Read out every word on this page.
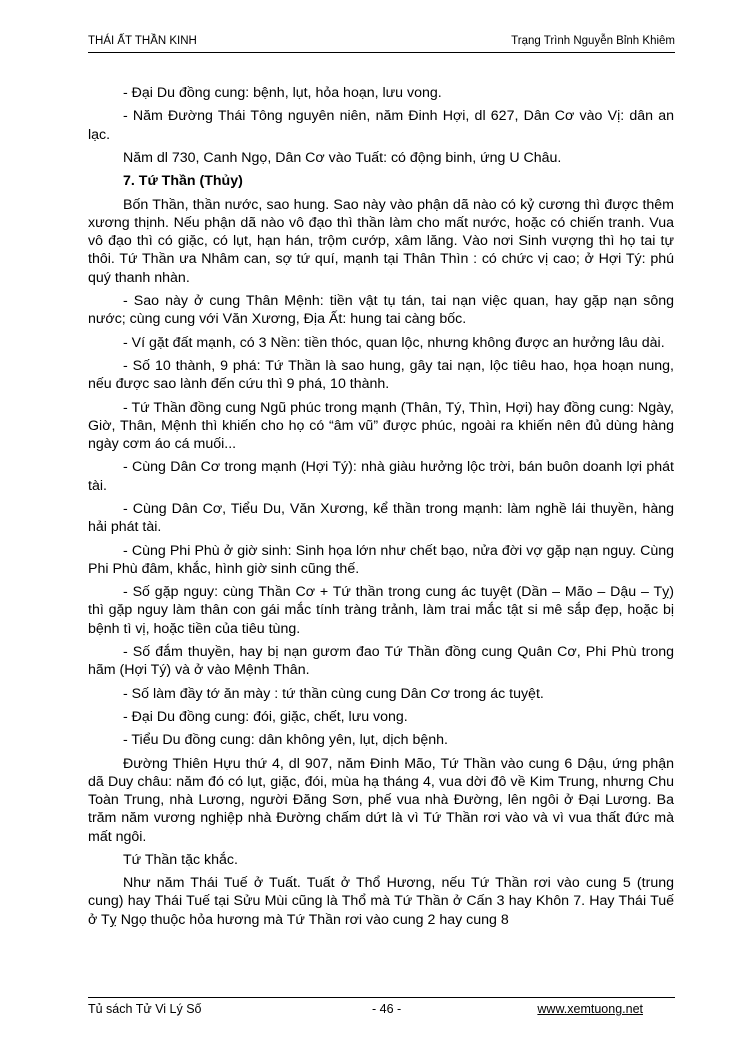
THÁI ẤT THẦN KINH	Trạng Trình Nguyễn Bỉnh Khiêm

- Đại Du đồng cung: bệnh, lụt, hỏa hoạn, lưu vong.

- Năm Đường Thái Tông nguyên niên, năm Đinh Hợi, dl 627, Dân Cơ vào Vị: dân an lạc.

Năm dl 730, Canh Ngọ, Dân Cơ vào Tuất: có động binh, ứng U Châu.

7. Tứ Thần (Thủy)

Bốn Thần, thần nước, sao hung. Sao này vào phận dã nào có kỷ cương thì được thêm xương thịnh. Nếu phận dã nào vô đạo thì thần làm cho mất nước, hoặc có chiến tranh. Vua vô đạo thì có giặc, có lụt, hạn hán, trộm cướp, xâm lăng. Vào nơi Sinh vượng thì họ tai tự thôi. Tứ Thần ưa Nhâm can, sợ tứ quí, mạnh tại Thân Thìn : có chức vị cao; ở Hợi Tý: phú quý thanh nhàn.

- Sao này ở cung Thân Mệnh: tiền vật tụ tán, tai nạn việc quan, hay gặp nạn sông nước; cùng cung với Văn Xương, Địa Ất: hung tai càng bốc.

- Ví gặt đất mạnh, có 3 Nền: tiền thóc, quan lộc, nhưng không được an hưởng lâu dài.

- Số 10 thành, 9 phá: Tứ Thần là sao hung, gây tai nạn, lộc tiêu hao, họa hoạn nung, nếu được sao lành đến cứu thì 9 phá, 10 thành.

- Tứ Thần đồng cung Ngũ phúc trong mạnh (Thân, Tý, Thìn, Hợi) hay đồng cung: Ngày, Giờ, Thân, Mệnh thì khiến cho họ có “âm vũ” được phúc, ngoài ra khiến nên đủ dùng hàng ngày cơm áo cá muối...

- Cùng Dân Cơ trong mạnh (Hợi Tý): nhà giàu hưởng lộc trời, bán buôn doanh lợi phát tài.

- Cùng Dân Cơ, Tiểu Du, Văn Xương, kể thần trong mạnh: làm nghề lái thuyền, hàng hải phát tài.

- Cùng Phi Phù ở giờ sinh: Sinh họa lớn như chết bạo, nửa đời vợ gặp nạn nguy. Cùng Phi Phù đâm, khắc, hình giờ sinh cũng thế.

- Số gặp nguy: cùng Thần Cơ + Tứ thần trong cung ác tuyệt (Dần – Mão – Dậu – Tỵ) thì gặp nguy làm thân con gái mắc tính tràng trảnh, làm trai mắc tật si mê sắp đẹp, hoặc bị bệnh tì vị, hoặc tiền của tiêu tùng.

- Số đắm thuyền, hay bị nạn gươm đao Tứ Thần đồng cung Quân Cơ, Phi Phù trong hãm (Hợi Tý) và ở vào Mệnh Thân.

- Số làm đầy tớ ăn mày : tứ thần cùng cung Dân Cơ trong ác tuyệt.

- Đại Du đồng cung: đói, giặc, chết, lưu vong.

- Tiểu Du đồng cung: dân không yên, lụt, dịch bệnh.

Đường Thiên Hựu thứ 4, dl 907, năm Đinh Mão, Tứ Thần vào cung 6 Dậu, ứng phận dã Duy châu: năm đó có lụt, giặc, đói, mùa hạ tháng 4, vua dời đô về Kim Trung, nhưng Chu Toàn Trung, nhà Lương, người Đăng Sơn, phế vua nhà Đường, lên ngôi ở Đại Lương. Ba trăm năm vương nghiệp nhà Đường chấm dứt là vì Tứ Thần rơi vào và vì vua thất đức mà mất ngôi.

Tứ Thần tặc khắc.

Như năm Thái Tuế ở Tuất. Tuất ở Thổ Hương, nếu Tứ Thần rơi vào cung 5 (trung cung) hay Thái Tuế tại Sửu Mùi cũng là Thổ mà Tứ Thần ở Cấn 3 hay Khôn 7. Hay Thái Tuế ở Tỵ Ngọ thuộc hỏa hương mà Tứ Thần rơi vào cung 2 hay cung 8

Tủ sách Tử Vi Lý Số	- 46 -	www.xemtuong.net
